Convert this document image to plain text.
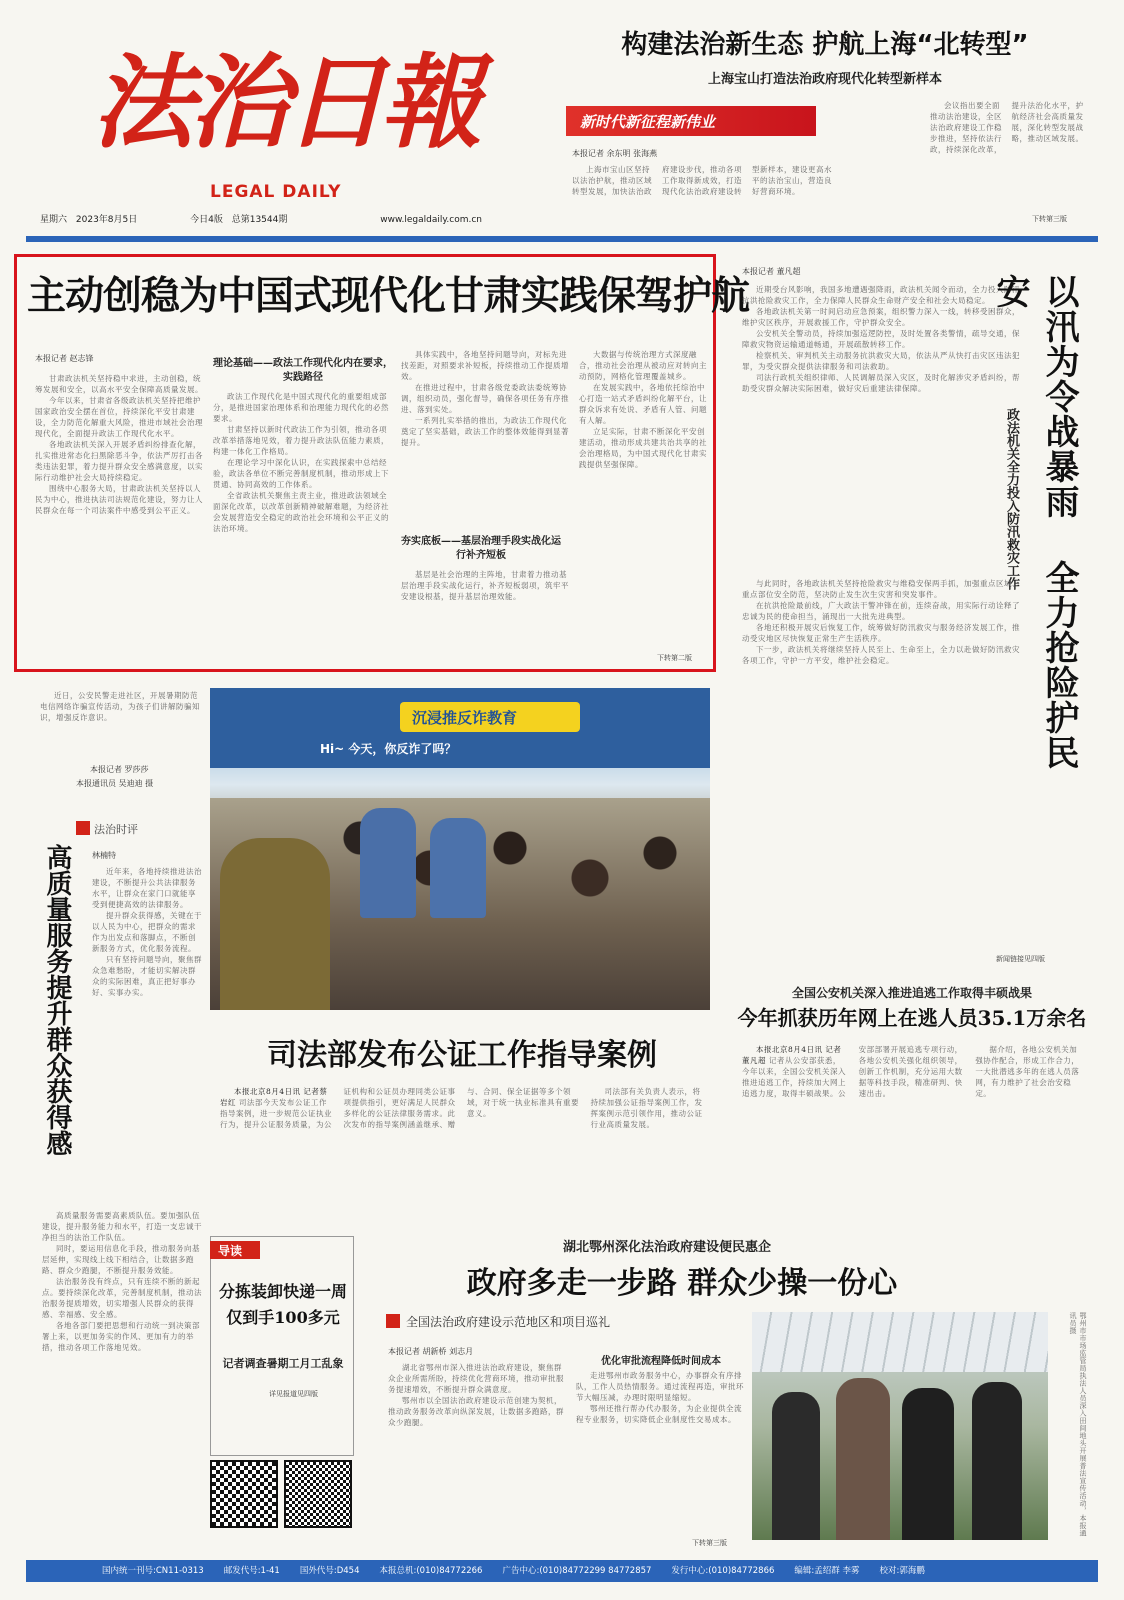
法治日報
LEGAL DAILY
星期六 2023年8月5日	今日4版 总第13544期	www.legaldaily.com.cn
构建法治新生态 护航上海“北转型”
上海宝山打造法治政府现代化转型新样本
新时代新征程新伟业
本报记者 余东明 张海燕

上海市宝山区坚持以法治护航，推动区域转型发展，加快法治政府建设步伐，推动各项工作取得新成效，打造现代化法治政府建设转型新样本，建设更高水平的法治宝山，营造良好营商环境。

会议指出要全面推动法治建设，全区法治政府建设工作稳步推进，坚持依法行政，持续深化改革，提升法治化水平，护航经济社会高质量发展，深化转型发展战略，推动区域发展。

下转第三版
主动创稳为中国式现代化甘肃实践保驾护航
本报记者 赵志锋

甘肃政法机关坚持稳中求进，主动创稳，统筹发展和安全，以高水平安全保障高质量发展。

今年以来，甘肃省各级政法机关坚持把维护国家政治安全摆在首位，持续深化平安甘肃建设，全力防范化解重大风险，推进市域社会治理现代化，全面提升政法工作现代化水平。

各地政法机关深入开展矛盾纠纷排查化解，扎实推进常态化扫黑除恶斗争，依法严厉打击各类违法犯罪，着力提升群众安全感满意度，以实际行动维护社会大局持续稳定。

围绕中心服务大局，甘肃政法机关坚持以人民为中心，推进执法司法规范化建设，努力让人民群众在每一个司法案件中感受到公平正义。

理论基础——政法工作现代化内在要求，实践路径

政法工作现代化是中国式现代化的重要组成部分，是推进国家治理体系和治理能力现代化的必然要求。

甘肃坚持以新时代政法工作为引领，推动各项改革举措落地见效，着力提升政法队伍能力素质，构建一体化工作格局。

在理论学习中深化认识，在实践探索中总结经验，政法各单位不断完善制度机制，推动形成上下贯通、协同高效的工作体系。

全省政法机关聚焦主责主业，推进政法领域全面深化改革，以改革创新精神破解难题，为经济社会发展营造安全稳定的政治社会环境和公平正义的法治环境。

具体实践中，各地坚持问题导向，对标先进找差距，对照要求补短板，持续推动工作提质增效。

在推进过程中，甘肃各级党委政法委统筹协调，组织动员，强化督导，确保各项任务有序推进、落到实处。

一系列扎实举措的推出，为政法工作现代化奠定了坚实基础，政法工作的整体效能得到显著提升。

夯实底板——基层治理手段实战化运行补齐短板

基层是社会治理的主阵地，甘肃着力推动基层治理手段实战化运行，补齐短板弱项，筑牢平安建设根基，提升基层治理效能。

大数据与传统治理方式深度融合，推动社会治理从被动应对转向主动预防，网格化管理覆盖城乡。

在发展实践中，各地依托综治中心打造一站式矛盾纠纷化解平台，让群众诉求有处说、矛盾有人管、问题有人解。

立足实际，甘肃不断深化平安创建活动，推动形成共建共治共享的社会治理格局，为中国式现代化甘肃实践提供坚强保障。

下转第二版
本报记者 董凡超

近期受台风影响，我国多地遭遇强降雨，政法机关闻令而动，全力投入防汛抗洪抢险救灾工作，全力保障人民群众生命财产安全和社会大局稳定。

各地政法机关第一时间启动应急预案，组织警力深入一线，转移受困群众，维护灾区秩序，开展救援工作，守护群众安全。

公安机关全警动员，持续加强巡逻防控，及时处置各类警情，疏导交通，保障救灾物资运输通道畅通，开展疏散转移工作。

检察机关、审判机关主动服务抗洪救灾大局，依法从严从快打击灾区违法犯罪，为受灾群众提供法律服务和司法救助。

司法行政机关组织律师、人民调解员深入灾区，及时化解涉灾矛盾纠纷，帮助受灾群众解决实际困难，做好灾后重建法律保障。	以汛为令战暴雨 全力抢险护民安
政法机关全力投入防汛救灾工作

与此同时，各地政法机关坚持抢险救灾与维稳安保两手抓，加强重点区域、重点部位安全防范，坚决防止发生次生灾害和突发事件。

在抗洪抢险最前线，广大政法干警冲锋在前，连续奋战，用实际行动诠释了忠诚为民的使命担当，涌现出一大批先进典型。

各地还积极开展灾后恢复工作，统筹做好防汛救灾与服务经济发展工作，推动受灾地区尽快恢复正常生产生活秩序。

下一步，政法机关将继续坚持人民至上、生命至上，全力以赴做好防汛救灾各项工作，守护一方平安，维护社会稳定。

新闻链接见四版

近日，公安民警走进社区，开展暑期防范电信网络诈骗宣传活动，为孩子们讲解防骗知识，增强反诈意识。

本报记者 罗莎莎
本报通讯员 吴迪迪 摄
沉浸推反诈教育
Hi~ 今天，你反诈了吗？
法治时评
高质量服务提升群众获得感	林楠特

近年来，各地持续推进法治建设，不断提升公共法律服务水平，让群众在家门口就能享受到便捷高效的法律服务。

提升群众获得感，关键在于以人民为中心，把群众的需求作为出发点和落脚点，不断创新服务方式，优化服务流程。

只有坚持问题导向，聚焦群众急难愁盼，才能切实解决群众的实际困难，真正把好事办好、实事办实。

高质量服务需要高素质队伍。要加强队伍建设，提升服务能力和水平，打造一支忠诚干净担当的法治工作队伍。

同时，要运用信息化手段，推动服务向基层延伸，实现线上线下相结合，让数据多跑路、群众少跑腿，不断提升服务效能。

法治服务没有终点，只有连续不断的新起点。要持续深化改革，完善制度机制，推动法治服务提质增效，切实增强人民群众的获得感、幸福感、安全感。

各地各部门要把思想和行动统一到决策部署上来，以更加务实的作风、更加有力的举措，推动各项工作落地见效。

司法部发布公证工作指导案例

本报北京8月4日讯 记者蔡岩红 司法部今天发布公证工作指导案例，进一步规范公证执业行为，提升公证服务质量，为公证机构和公证员办理同类公证事项提供指引，更好满足人民群众多样化的公证法律服务需求。此次发布的指导案例涵盖继承、赠与、合同、保全证据等多个领域，对于统一执业标准具有重要意义。

司法部有关负责人表示，将持续加强公证指导案例工作，发挥案例示范引领作用，推动公证行业高质量发展。

全国公安机关深入推进追逃工作取得丰硕战果
今年抓获历年网上在逃人员35.1万余名

本报北京8月4日讯 记者董凡超 记者从公安部获悉，今年以来，全国公安机关深入推进追逃工作，持续加大网上追逃力度，取得丰硕战果。公安部部署开展追逃专项行动，各地公安机关强化组织领导，创新工作机制，充分运用大数据等科技手段，精准研判、快速出击。

据介绍，各地公安机关加强协作配合，形成工作合力，一大批潜逃多年的在逃人员落网，有力维护了社会治安稳定。

导读
分拣装卸快递一周仅到手100多元
记者调查暑期工月工乱象
详见报道见四版
湖北鄂州深化法治政府建设便民惠企
政府多走一步路 群众少操一份心
全国法治政府建设示范地区和项目巡礼
本报记者 胡新桥 刘志月

湖北省鄂州市深入推进法治政府建设，聚焦群众企业所需所盼，持续优化营商环境，推动审批服务提速增效，不断提升群众满意度。

鄂州市以全国法治政府建设示范创建为契机，推动政务服务改革向纵深发展，让数据多跑路，群众少跑腿。

优化审批流程降低时间成本

走进鄂州市政务服务中心，办事群众有序排队，工作人员热情服务。通过流程再造，审批环节大幅压减，办理时限明显缩短。

鄂州还推行帮办代办服务，为企业提供全流程专业服务，切实降低企业制度性交易成本。

下转第三版
鄂州市市场监管局执法人员深入田间地头开展普法宣传活动，本报通讯员摄
国内统一刊号:CN11-0313 邮发代号:1-41 国外代号:D454 本报总机:(010)84772266 广告中心:(010)84772299 84772857 发行中心:(010)84772866 编辑:孟绍群 李雾 校对:郭海鹏
